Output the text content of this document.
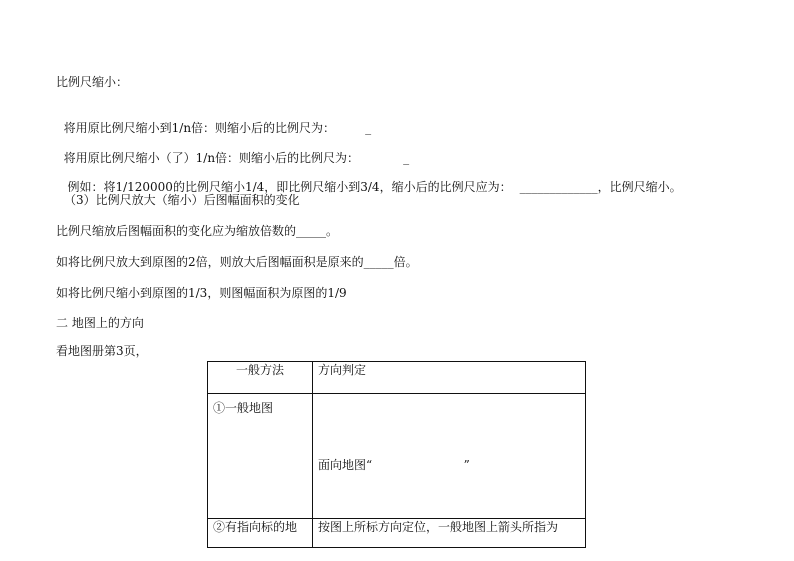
比例尺缩小：

将用原比例尺缩小到1/n倍：则缩小后的比例尺为：	_

将用原比例尺缩小（了）1/n倍：则缩小后的比例尺为：	_

例如：将1/120000的比例尺缩小1/4，即比例尺缩小到3/4，缩小后的比例尺应为： _____________，比例尺缩小。

（3）比例尺放大（缩小）后图幅面积的变化
比例尺缩放后图幅面积的变化应为缩放倍数的_____。
如将比例尺放大到原图的2倍，则放大后图幅面积是原来的_____倍。
如将比例尺缩小到原图的1/3，则图幅面积为原图的1/9
二 地图上的方向
看地图册第3页，
一般方法	方向判定
①一般地图	面向地图“                        ”

②有指向标的地	按图上所标方向定位，一般地图上箭头所指为
